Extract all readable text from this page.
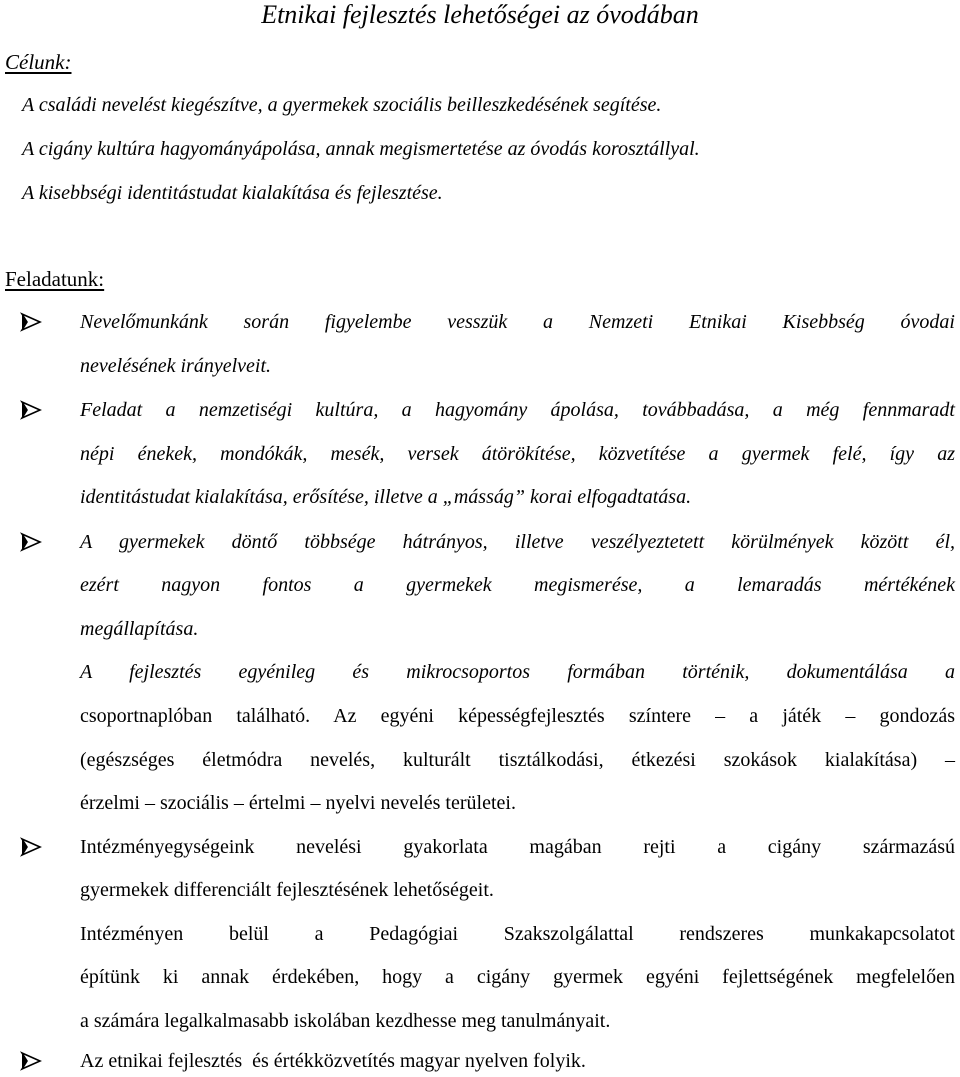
Etnikai fejlesztés lehetőségei az óvodában
Célunk:
A családi nevelést kiegészítve, a gyermekek szociális beilleszkedésének segítése.
A cigány kultúra hagyományápolása, annak megismertetése az óvodás korosztállyal.
A kisebbségi identitástudat kialakítása és fejlesztése.
Feladatunk:
Nevelőmunkánk során figyelembe vesszük a Nemzeti Etnikai Kisebbség óvodai
nevelésének irányelveit.
Feladat a nemzetiségi kultúra, a hagyomány ápolása, továbbadása, a még fennmaradt
népi énekek, mondókák, mesék, versek átörökítése, közvetítése a gyermek felé, így az
identitástudat kialakítása, erősítése, illetve a „másság” korai elfogadtatása.
A gyermekek döntő többsége hátrányos, illetve veszélyeztetett körülmények között él,
ezért nagyon fontos a gyermekek megismerése, a lemaradás mértékének
megállapítása.
A fejlesztés egyénileg és mikrocsoportos formában történik, dokumentálása a
csoportnaplóban található. Az egyéni képességfejlesztés színtere – a játék – gondozás
(egészséges életmódra nevelés, kulturált tisztálkodási, étkezési szokások kialakítása) –
érzelmi – szociális – értelmi – nyelvi nevelés területei.
Intézményegységeink nevelési gyakorlata magában rejti a cigány származású
gyermekek differenciált fejlesztésének lehetőségeit.
Intézményen belül a Pedagógiai Szakszolgálattal rendszeres munkakapcsolatot
építünk ki annak érdekében, hogy a cigány gyermek egyéni fejlettségének megfelelően
a számára legalkalmasabb iskolában kezdhesse meg tanulmányait.
Az etnikai fejlesztés  és értékközvetítés magyar nyelven folyik.
